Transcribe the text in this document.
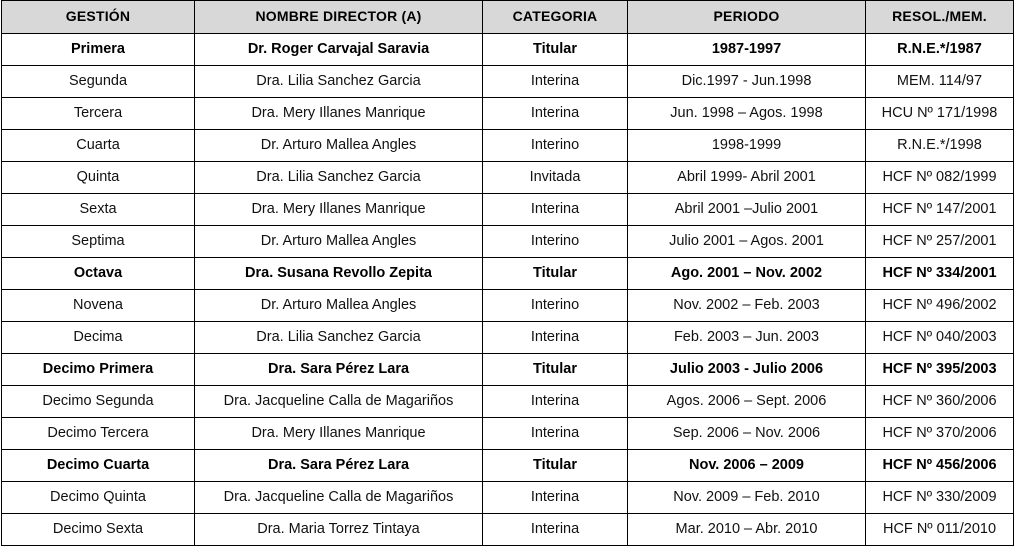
GESTIÓN	NOMBRE DIRECTOR (A)	CATEGORIA	PERIODO	RESOL./MEM.
Primera	Dr. Roger Carvajal Saravia	Titular	1987-1997	R.N.E.*/1987
Segunda	Dra. Lilia Sanchez Garcia	Interina	Dic.1997 - Jun.1998	MEM. 114/97
Tercera	Dra. Mery Illanes Manrique	Interina	Jun. 1998 – Agos. 1998	HCU Nº 171/1998
Cuarta	Dr. Arturo Mallea Angles	Interino	1998-1999	R.N.E.*/1998
Quinta	Dra. Lilia Sanchez Garcia	Invitada	Abril 1999- Abril 2001	HCF Nº 082/1999
Sexta	Dra. Mery Illanes Manrique	Interina	Abril 2001 –Julio 2001	HCF Nº 147/2001
Septima	Dr. Arturo Mallea Angles	Interino	Julio 2001 – Agos. 2001	HCF Nº 257/2001
Octava	Dra. Susana Revollo Zepita	Titular	Ago. 2001 – Nov. 2002	HCF Nº 334/2001
Novena	Dr. Arturo Mallea Angles	Interino	Nov. 2002 – Feb. 2003	HCF Nº 496/2002
Decima	Dra. Lilia Sanchez Garcia	Interina	Feb. 2003 – Jun. 2003	HCF Nº 040/2003
Decimo Primera	Dra. Sara Pérez Lara	Titular	Julio 2003 - Julio 2006	HCF Nº 395/2003
Decimo Segunda	Dra. Jacqueline Calla de Magariños	Interina	Agos. 2006 – Sept. 2006	HCF Nº 360/2006
Decimo Tercera	Dra. Mery Illanes Manrique	Interina	Sep. 2006 – Nov. 2006	HCF Nº 370/2006
Decimo Cuarta	Dra. Sara Pérez Lara	Titular	Nov. 2006 – 2009	HCF Nº 456/2006
Decimo Quinta	Dra. Jacqueline Calla de Magariños	Interina	Nov. 2009 – Feb. 2010	HCF Nº 330/2009
Decimo Sexta	Dra. Maria Torrez Tintaya	Interina	Mar. 2010 – Abr. 2010	HCF Nº 011/2010
